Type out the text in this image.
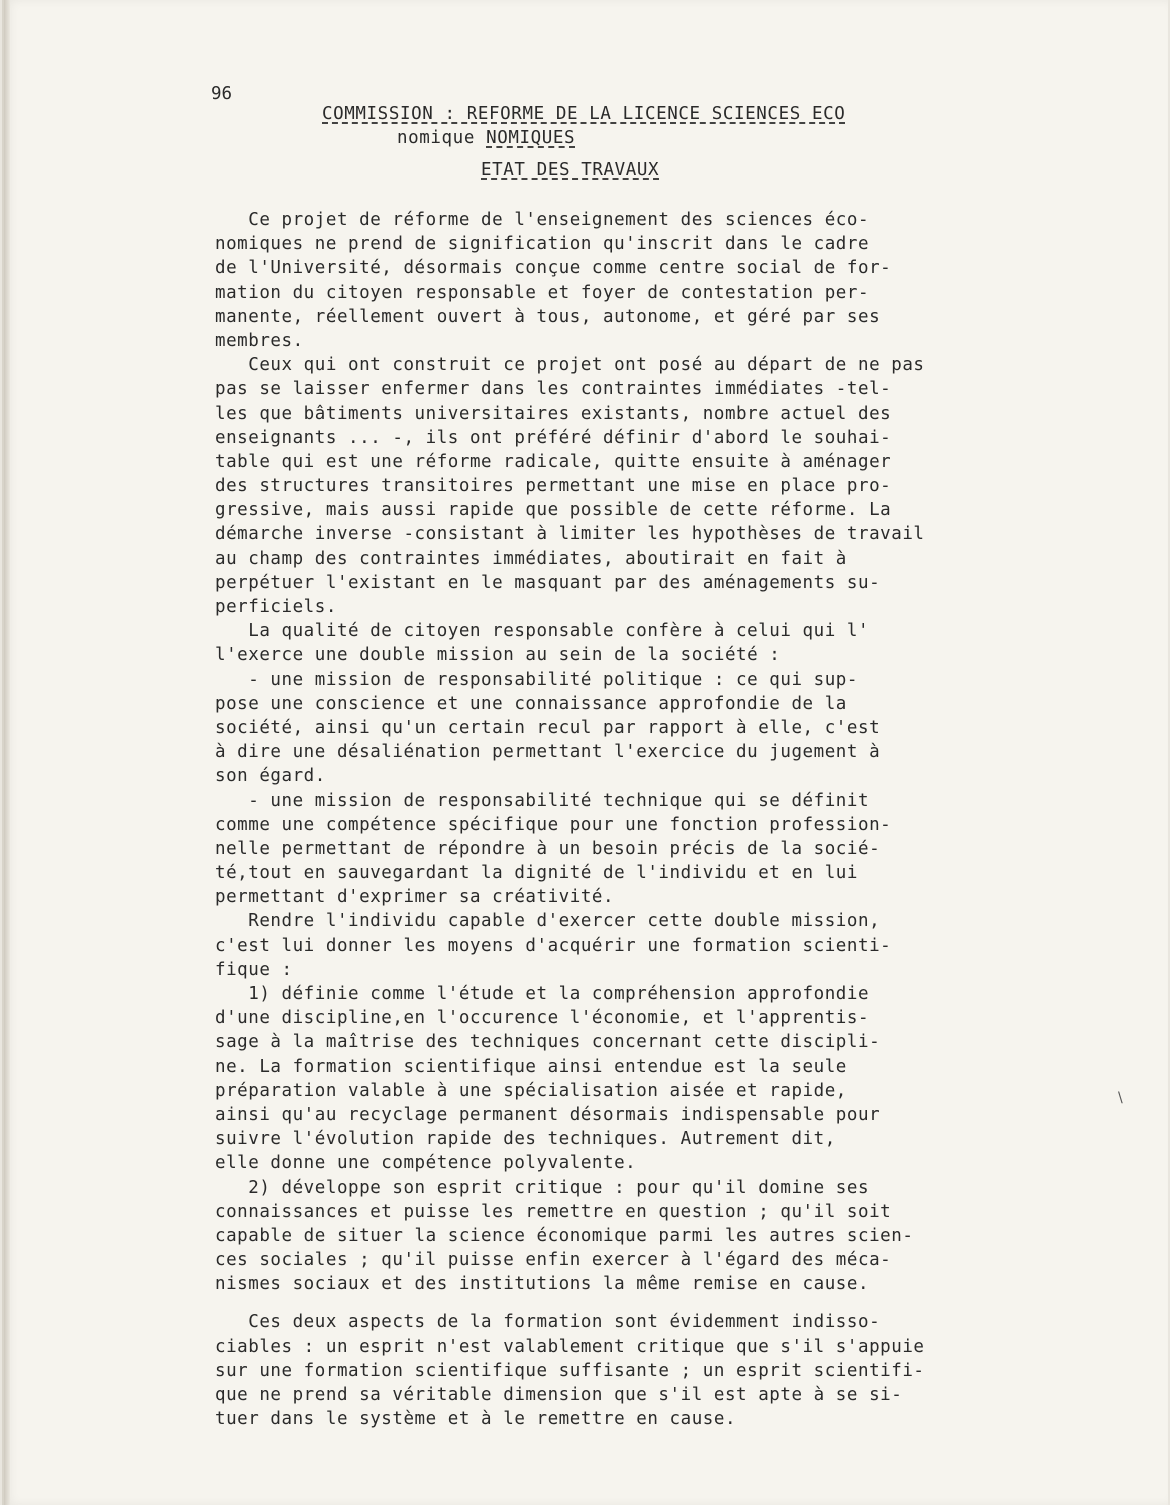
96
COMMISSION : REFORME DE LA LICENCE SCIENCES ECO
nomique NOMIQUES
ETAT DES TRAVAUX
Ce projet de réforme de l'enseignement des sciences éco-
nomiques ne prend de signification qu'inscrit dans le cadre
de l'Université, désormais conçue comme centre social de for-
mation du citoyen responsable et foyer de contestation per-
manente, réellement ouvert à tous, autonome, et géré par ses
membres.
Ceux qui ont construit ce projet ont posé au départ de ne pas
pas se laisser enfermer dans les contraintes immédiates -tel-
les que bâtiments universitaires existants, nombre actuel des
enseignants ... -, ils ont préféré définir d'abord le souhai-
table qui est une réforme radicale, quitte ensuite à aménager
des structures transitoires permettant une mise en place pro-
gressive, mais aussi rapide que possible de cette réforme. La
démarche inverse -consistant à limiter les hypothèses de travail
au champ des contraintes immédiates, aboutirait en fait à
perpétuer l'existant en le masquant par des aménagements su-
perficiels.
La qualité de citoyen responsable confère à celui qui l'
l'exerce une double mission au sein de la société :
- une mission de responsabilité politique : ce qui sup-
pose une conscience et une connaissance approfondie de la
société, ainsi qu'un certain recul par rapport à elle, c'est
à dire une désaliénation permettant l'exercice du jugement à
son égard.
- une mission de responsabilité technique qui se définit
comme une compétence spécifique pour une fonction profession-
nelle permettant de répondre à un besoin précis de la socié-
té,tout en sauvegardant la dignité de l'individu et en lui
permettant d'exprimer sa créativité.
Rendre l'individu capable d'exercer cette double mission,
c'est lui donner les moyens d'acquérir une formation scienti-
fique :
1) définie comme l'étude et la compréhension approfondie
d'une discipline,en l'occurence l'économie, et l'apprentis-
sage à la maîtrise des techniques concernant cette discipli-
ne. La formation scientifique ainsi entendue est la seule
préparation valable à une spécialisation aisée et rapide,
ainsi qu'au recyclage permanent désormais indispensable pour
suivre l'évolution rapide des techniques. Autrement dit,
elle donne une compétence polyvalente.
2) développe son esprit critique : pour qu'il domine ses
connaissances et puisse les remettre en question ; qu'il soit
capable de situer la science économique parmi les autres scien-
ces sociales ; qu'il puisse enfin exercer à l'égard des méca-
nismes sociaux et des institutions la même remise en cause.
Ces deux aspects de la formation sont évidemment indisso-
ciables : un esprit n'est valablement critique que s'il s'appuie
sur une formation scientifique suffisante ; un esprit scientifi-
que ne prend sa véritable dimension que s'il est apte à se si-
tuer dans le système et à le remettre en cause.
\
